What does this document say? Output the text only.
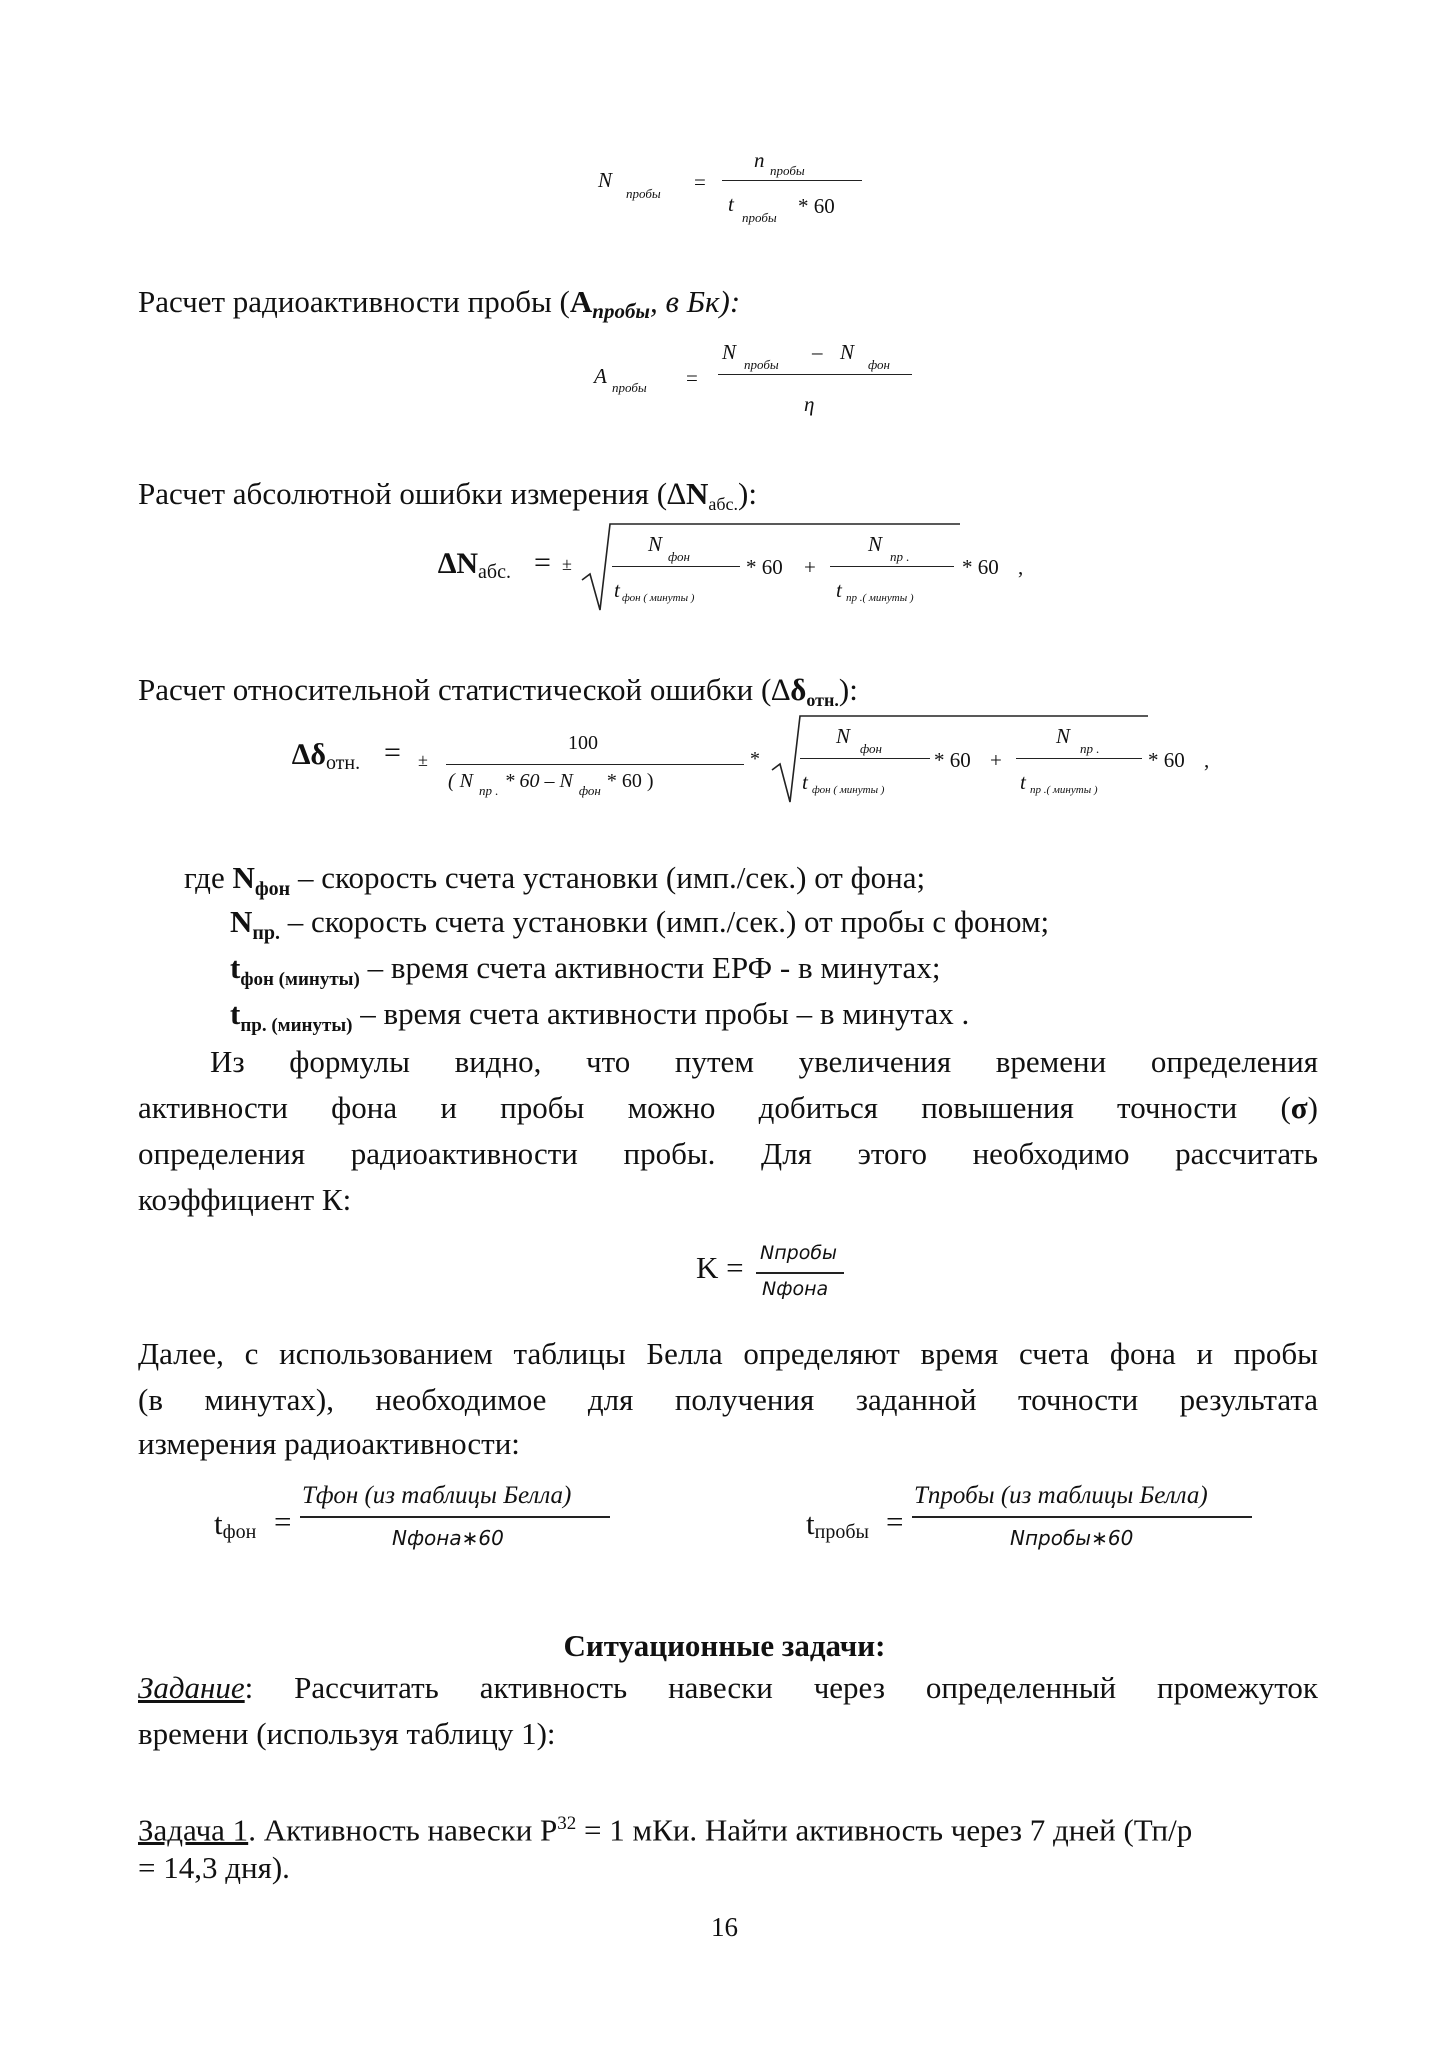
N
пробы =
n пробы
t
пробы * 60
Расчет радиоактивности пробы (Апробы, в Бк):
A пробы =
N
пробы
– N
фон
η
Расчет абсолютной ошибки измерения (∆Nабс.):
∆Nабс. = ±
N
фон
t фон ( минуты )
* 60 +
N
пр .
t пр .( минуты )
* 60 ,
Расчет относительной статистической ошибки (∆δотн.):
∆δотн. = ±
100
( N $_{пр .}$ * 60 – N $_{фон}$ * 60 )
*
N
фон
t фон ( минуты )
* 60 +
N
пр .
t пр .( минуты )
* 60 ,
где $N_{фон}$ – скорость счета установки (имп./сек.) от фона;
$N_{пр.}$ – скорость счета установки (имп./сек.) от пробы с фоном;
$t_{фон (минуты)}$ – время счета активности ЕРФ - в минутах;
$t_{пр. (минуты)}$ – время счета активности пробы – в минутах .
Из формулы видно, что путем увеличения времени определения
активности фона и пробы можно добиться повышения точности (σ)
определения радиоактивности пробы. Для этого необходимо рассчитать
коэффициент К:
K = Nпробы
Nфона
Далее, с использованием таблицы Белла определяют время счета фона и пробы
(в минутах), необходимое для получения заданной точности результата
измерения радиоактивности:
tфон =
Tфон (из таблицы Белла)
Nфона∗60	tпробы =
Tпробы (из таблицы Белла)
Nпробы∗60
Ситуационные задачи:
Задание: Рассчитать активность навески через определенный промежуток
времени (используя таблицу 1):
Задача 1. Активность навески $Р^{32} = 1$ мКи. Найти активность через 7 дней (Тп/р
= 14,3 дня).
16
